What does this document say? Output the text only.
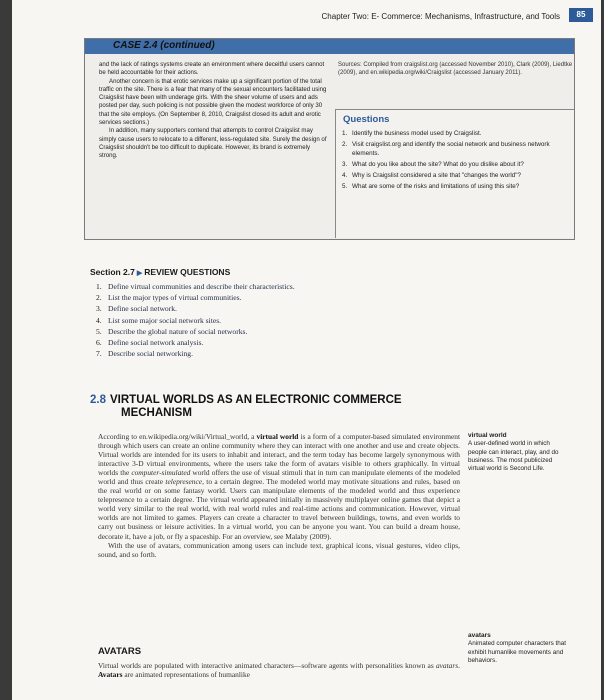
Chapter Two: E- Commerce: Mechanisms, Infrastructure, and Tools	85
CASE 2.4 (continued)

and the lack of ratings systems create an environment where deceitful users cannot be held accountable for their actions.

Another concern is that erotic services make up a significant portion of the total traffic on the site. There is a fear that many of the sexual encounters facilitated using Craigslist have been with underage girls. With the sheer volume of users and ads posted per day, such policing is not possible given the modest workforce of only 30 that the site employs. (On September 8, 2010, Craigslist closed its adult and erotic services sections.)

In addition, many supporters contend that attempts to control Craigslist may simply cause users to relocate to a different, less-regulated site. Surely the design of Craigslist shouldn't be too difficult to duplicate. However, its brand is extremely strong.

Sources: Compiled from craigslist.org (accessed November 2010), Clark (2009), Liedtke (2009), and en.wikipedia.org/wiki/Craigslist (accessed January 2011).
Questions
1. Identify the business model used by Craigslist.
2. Visit craigslist.org and identify the social network and business network elements.
3. What do you like about the site? What do you dislike about it?
4. Why is Craigslist considered a site that "changes the world"?
5. What are some of the risks and limitations of using this site?
Section 2.7 ▶ REVIEW QUESTIONS
1. Define virtual communities and describe their characteristics.
2. List the major types of virtual communities.
3. Define social network.
4. List some major social network sites.
5. Describe the global nature of social networks.
6. Define social network analysis.
7. Describe social networking.
2.8 VIRTUAL WORLDS AS AN ELECTRONIC COMMERCE
MECHANISM

According to en.wikipedia.org/wiki/Virtual_world, a virtual world is a form of a computer-based simulated environment through which users can create an online community where they can interact with one another and use and create objects. Virtual worlds are intended for its users to inhabit and interact, and the term today has become largely synonymous with interactive 3-D virtual environments, where the users take the form of avatars visible to others graphically. In virtual worlds the computer-simulated world offers the use of visual stimuli that in turn can manipulate elements of the modeled world and thus create telepresence, to a certain degree. The modeled world may motivate situations and rules, based on the real world or on some fantasy world. Users can manipulate elements of the modeled world and thus experience telepresence to a certain degree. The virtual world appeared initially in massively multiplayer online games that depict a world very similar to the real world, with real world rules and real-time actions and communication. However, virtual worlds are not limited to games. Players can create a character to travel between buildings, towns, and even worlds to carry out business or leisure activities. In a virtual world, you can be anyone you want. You can build a dream house, decorate it, have a job, or fly a spaceship. For an overview, see Malaby (2009).

With the use of avatars, communication among users can include text, graphical icons, visual gestures, video clips, sound, and so forth.

virtual world
A user-defined world in which people can interact, play, and do business. The most publicized virtual world is Second Life.
avatars
Animated computer characters that exhibit humanlike movements and behaviors.
AVATARS
Virtual worlds are populated with interactive animated characters—software agents with personalities known as avatars. Avatars are animated representations of humanlike
